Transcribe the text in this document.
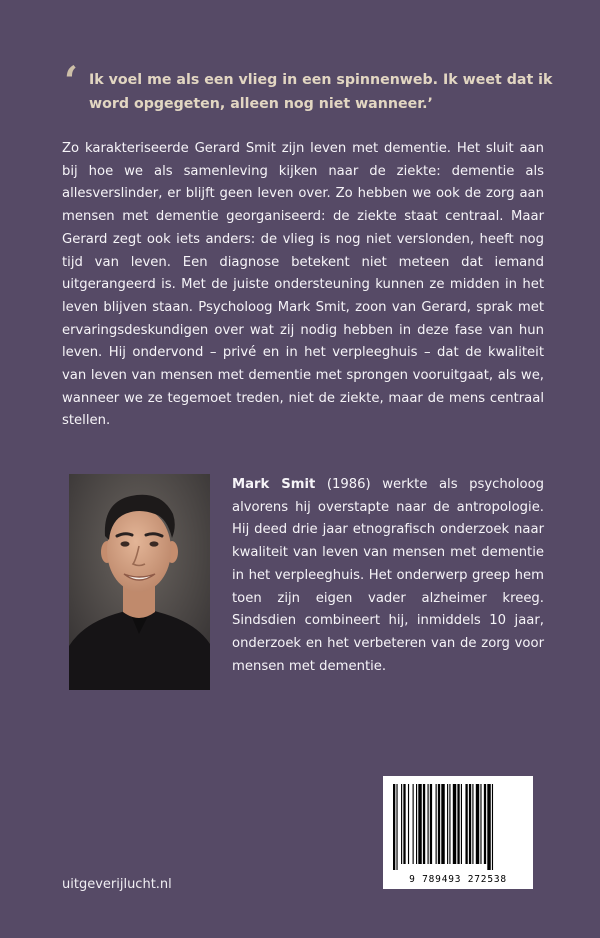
‘ Ik voel me als een vlieg in een spinnenweb. Ik weet dat ik word opgegeten, alleen nog niet wanneer.’

Zo karakteriseerde Gerard Smit zijn leven met dementie. Het sluit aan bij hoe we als samenleving kijken naar de ziekte: dementie als allesverslinder, er blijft geen leven over. Zo hebben we ook de zorg aan mensen met dementie georganiseerd: de ziekte staat centraal. Maar Gerard zegt ook iets anders: de vlieg is nog niet verslonden, heeft nog tijd van leven. Een diagnose betekent niet meteen dat iemand uitgerangeerd is. Met de juiste ondersteuning kunnen ze midden in het leven blijven staan. Psycholoog Mark Smit, zoon van Gerard, sprak met ervaringsdeskundigen over wat zij nodig hebben in deze fase van hun leven. Hij ondervond – privé en in het verpleeghuis – dat de kwaliteit van leven van mensen met dementie met sprongen vooruitgaat, als we, wanneer we ze tegemoet treden, niet de ziekte, maar de mens centraal stellen.

Mark Smit (1986) werkte als psycholoog alvorens hij overstapte naar de antropologie. Hij deed drie jaar etnografisch onderzoek naar kwaliteit van leven van mensen met dementie in het verpleeghuis. Het onderwerp greep hem toen zijn eigen vader alzheimer kreeg. Sindsdien combineert hij, inmiddels 10 jaar, onderzoek en het verbeteren van de zorg voor mensen met dementie.

9 789493 272538
uitgeverijlucht.nl
